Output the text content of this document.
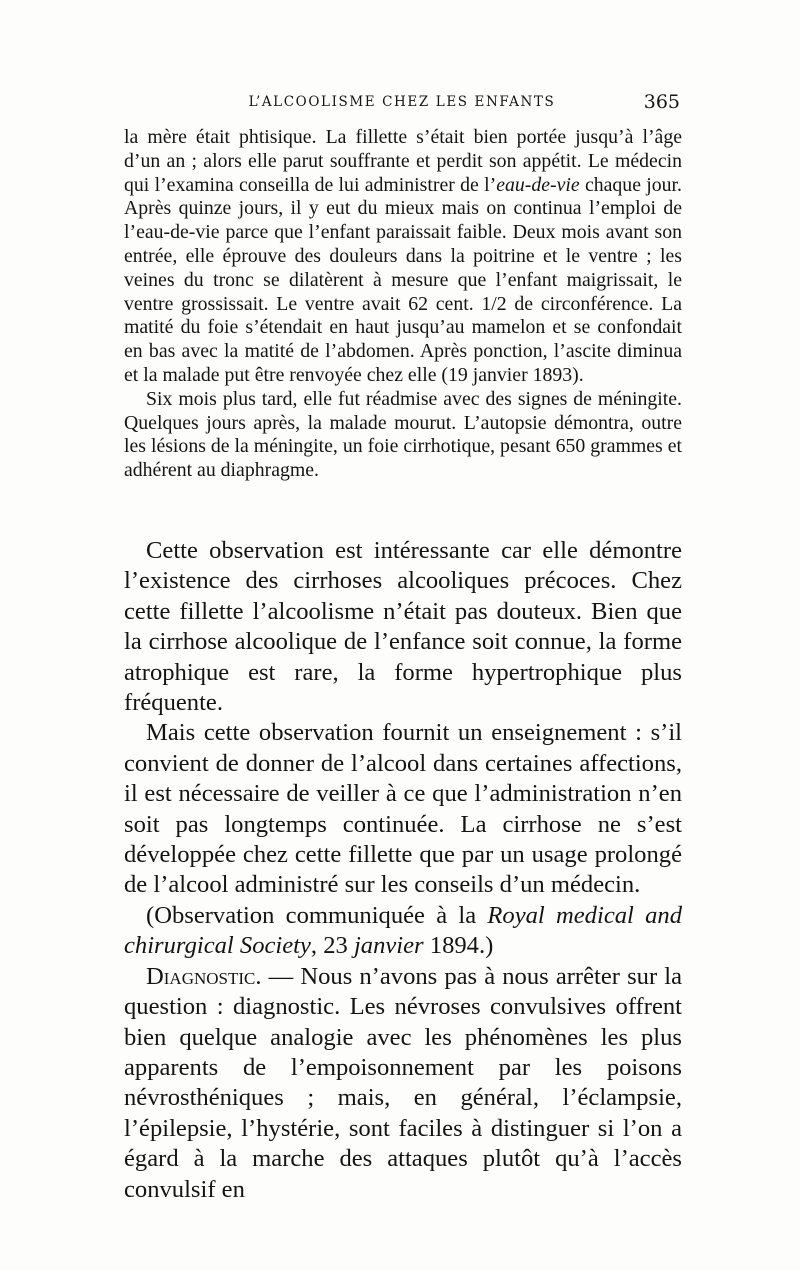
L’ALCOOLISME CHEZ LES ENFANTS	365

la mère était phtisique. La fillette s’était bien portée jusqu’à l’âge d’un an ; alors elle parut souffrante et perdit son appétit. Le médecin qui l’examina conseilla de lui administrer de l’eau-de-vie chaque jour. Après quinze jours, il y eut du mieux mais on continua l’emploi de l’eau-de-vie parce que l’enfant paraissait faible. Deux mois avant son entrée, elle éprouve des douleurs dans la poitrine et le ventre ; les veines du tronc se dilatèrent à mesure que l’enfant maigrissait, le ventre grossissait. Le ventre avait 62 cent. 1/2 de circonférence. La matité du foie s’étendait en haut jusqu’au mamelon et se confondait en bas avec la matité de l’abdomen. Après ponction, l’ascite diminua et la malade put être renvoyée chez elle (19 janvier 1893).

Six mois plus tard, elle fut réadmise avec des signes de méningite. Quelques jours après, la malade mourut. L’autopsie démontra, outre les lésions de la méningite, un foie cirrhotique, pesant 650 grammes et adhérent au diaphragme.

Cette observation est intéressante car elle démontre l’existence des cirrhoses alcooliques précoces. Chez cette fillette l’alcoolisme n’était pas douteux. Bien que la cirrhose alcoolique de l’enfance soit connue, la forme atrophique est rare, la forme hypertrophique plus fréquente.

Mais cette observation fournit un enseignement : s’il convient de donner de l’alcool dans certaines affections, il est nécessaire de veiller à ce que l’administration n’en soit pas longtemps continuée. La cirrhose ne s’est développée chez cette fillette que par un usage prolongé de l’alcool administré sur les conseils d’un médecin.

(Observation communiquée à la Royal medical and chirurgical Society, 23 janvier 1894.)

Diagnostic. — Nous n’avons pas à nous arrêter sur la question : diagnostic. Les névroses convulsives offrent bien quelque analogie avec les phénomènes les plus apparents de l’empoisonnement par les poisons névrosthéniques ; mais, en général, l’éclampsie, l’épilepsie, l’hystérie, sont faciles à distinguer si l’on a égard à la marche des attaques plutôt qu’à l’accès convulsif en
